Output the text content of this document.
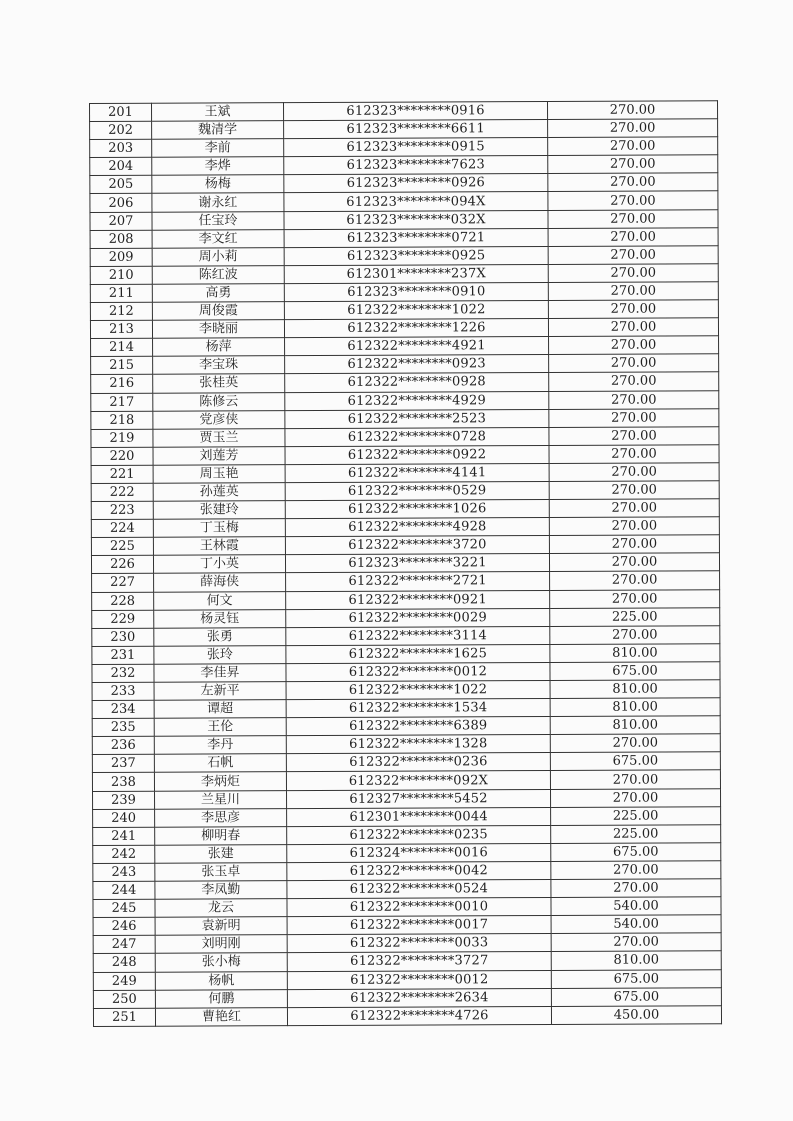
201	王斌	612323********0916	270.00
202	魏清学	612323********6611	270.00
203	李前	612323********0915	270.00
204	李烨	612323********7623	270.00
205	杨梅	612323********0926	270.00
206	谢永红	612323********094X	270.00
207	任宝玲	612323********032X	270.00
208	李文红	612323********0721	270.00
209	周小莉	612323********0925	270.00
210	陈红波	612301********237X	270.00
211	高勇	612323********0910	270.00
212	周俊霞	612322********1022	270.00
213	李晓丽	612322********1226	270.00
214	杨萍	612322********4921	270.00
215	李宝珠	612322********0923	270.00
216	张桂英	612322********0928	270.00
217	陈修云	612322********4929	270.00
218	党彦侠	612322********2523	270.00
219	贾玉兰	612322********0728	270.00
220	刘莲芳	612322********0922	270.00
221	周玉艳	612322********4141	270.00
222	孙莲英	612322********0529	270.00
223	张建玲	612322********1026	270.00
224	丁玉梅	612322********4928	270.00
225	王林霞	612322********3720	270.00
226	丁小英	612323********3221	270.00
227	薛海侠	612322********2721	270.00
228	何文	612322********0921	270.00
229	杨灵钰	612322********0029	225.00
230	张勇	612322********3114	270.00
231	张玲	612322********1625	810.00
232	李佳昇	612322********0012	675.00
233	左新平	612322********1022	810.00
234	谭超	612322********1534	810.00
235	王伦	612322********6389	810.00
236	李丹	612322********1328	270.00
237	石帆	612322********0236	675.00
238	李炳炬	612322********092X	270.00
239	兰星川	612327********5452	270.00
240	李思彦	612301********0044	225.00
241	柳明春	612322********0235	225.00
242	张建	612324********0016	675.00
243	张玉卓	612322********0042	270.00
244	李凤勤	612322********0524	270.00
245	龙云	612322********0010	540.00
246	袁新明	612322********0017	540.00
247	刘明刚	612322********0033	270.00
248	张小梅	612322********3727	810.00
249	杨帆	612322********0012	675.00
250	何鹏	612322********2634	675.00
251	曹艳红	612322********4726	450.00
